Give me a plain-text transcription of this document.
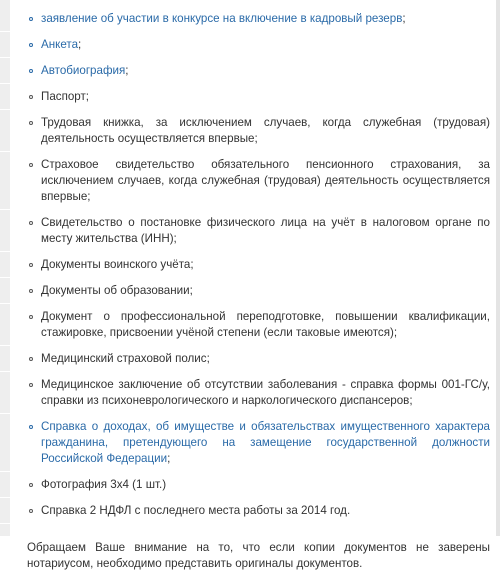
заявление об участии в конкурсе на включение в кадровый резерв;
Анкета;
Автобиография;
Паспорт;
Трудовая книжка, за исключением случаев, когда служебная (трудовая) деятельность осуществляется впервые;
Страховое свидетельство обязательного пенсионного страхования, за исключением случаев, когда служебная (трудовая) деятельность осуществляется впервые;
Свидетельство о постановке физического лица на учёт в налоговом органе по месту жительства (ИНН);
Документы воинского учёта;
Документы об образовании;
Документ о профессиональной переподготовке, повышении квалификации, стажировке, присвоении учёной степени (если таковые имеются);
Медицинский страховой полис;
Медицинское заключение об отсутствии заболевания - справка формы 001-ГС/у, справки из психоневрологического и наркологического диспансеров;
Справка о доходах, об имуществе и обязательствах имущественного характера гражданина, претендующего на замещение государственной должности Российской Федерации;
Фотография 3х4 (1 шт.)
Справка 2 НДФЛ с последнего места работы за 2014 год.

Обращаем Ваше внимание на то, что если копии документов не заверены нотариусом, необходимо представить оригиналы документов.
